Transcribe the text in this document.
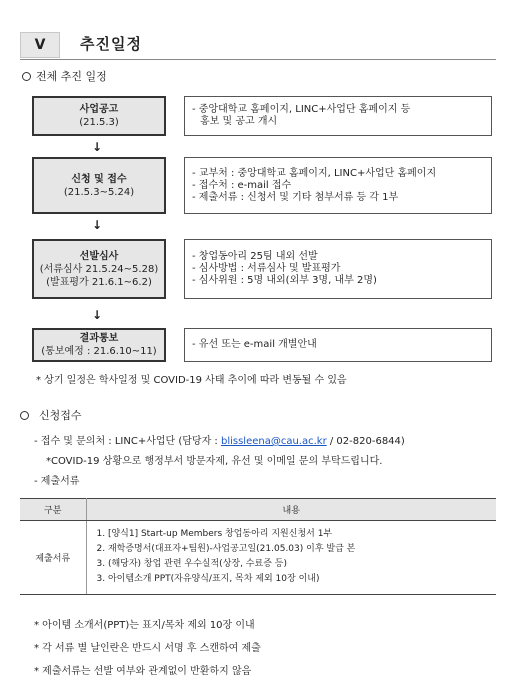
Ⅴ	추진일정
전체 추진 일정
사업공고
(21.5.3)
- 중앙대학교 홈페이지, LINC+사업단 홈페이지 등
홍보 및 공고 개시
↓
신청 및 접수
(21.5.3~5.24)
- 교부처 : 중앙대학교 홈페이지, LINC+사업단 홈페이지
- 접수처 : e-mail 접수
- 제출서류 : 신청서 및 기타 첨부서류 등 각 1부
↓
선발심사
(서류심사 21.5.24~5.28)
(발표평가 21.6.1~6.2)
- 창업동아리 25팀 내외 선발
- 심사방법 : 서류심사 및 발표평가
- 심사위원 : 5명 내외(외부 3명, 내부 2명)
↓
결과통보
(통보예정 : 21.6.10~11)
- 유선 또는 e-mail 개별안내
* 상기 일정은 학사일정 및 COVID-19 사태 추이에 따라 변동될 수 있음
신청접수
- 접수 및 문의처 : LINC+사업단 (담당자 : blissleena@cau.ac.kr / 02-820-6844)
*COVID-19 상황으로 행정부서 방문자제, 유선 및 이메일 문의 부탁드립니다.
- 제출서류
구분	내용
제출서류	1. [양식1] Start-up Members 창업동아리 지원신청서 1부
2. 재학증명서(대표자+팀원)-사업공고일(21.05.03) 이후 발급 본
3. (해당자) 창업 관련 우수실적(상장, 수료증 등)
3. 아이템소개 PPT(자유양식/표지, 목차 제외 10장 이내)
* 아이템 소개서(PPT)는 표지/목차 제외 10장 이내
* 각 서류 별 날인란은 반드시 서명 후 스캔하여 제출
* 제출서류는 선발 여부와 관계없이 반환하지 않음
